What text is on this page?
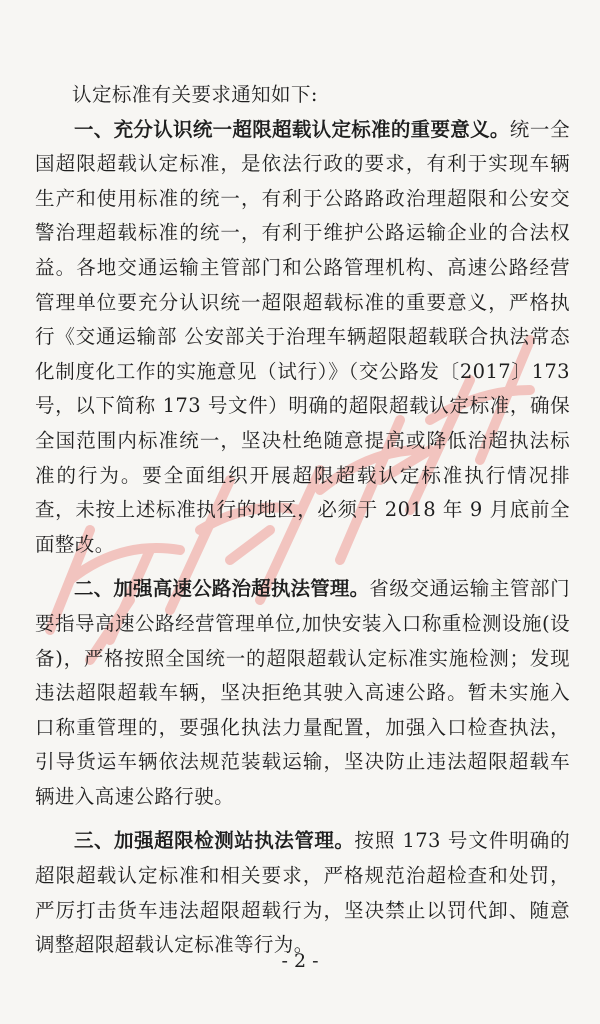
认定标准有关要求通知如下:

一、充分认识统一超限超载认定标准的重要意义。统一全国超限超载认定标准，是依法行政的要求，有利于实现车辆生产和使用标准的统一，有利于公路路政治理超限和公安交警治理超载标准的统一，有利于维护公路运输企业的合法权益。各地交通运输主管部门和公路管理机构、高速公路经营管理单位要充分认识统一超限超载标准的重要意义，严格执行《交通运输部 公安部关于治理车辆超限超载联合执法常态化制度化工作的实施意见（试行）》（交公路发〔2017〕173 号，以下简称 173 号文件）明确的超限超载认定标准，确保全国范围内标准统一，坚决杜绝随意提高或降低治超执法标准的行为。要全面组织开展超限超载认定标准执行情况排查，未按上述标准执行的地区，必须于 2018 年 9 月底前全面整改。

二、加强高速公路治超执法管理。省级交通运输主管部门要指导高速公路经营管理单位,加快安装入口称重检测设施(设备)，严格按照全国统一的超限超载认定标准实施检测；发现违法超限超载车辆，坚决拒绝其驶入高速公路。暂未实施入口称重管理的，要强化执法力量配置，加强入口检查执法，引导货运车辆依法规范装载运输，坚决防止违法超限超载车辆进入高速公路行驶。

三、加强超限检测站执法管理。按照 173 号文件明确的超限超载认定标准和相关要求，严格规范治超检查和处罚，严厉打击货车违法超限超载行为，坚决禁止以罚代卸、随意调整超限超载认定标准等行为。

- 2 -
